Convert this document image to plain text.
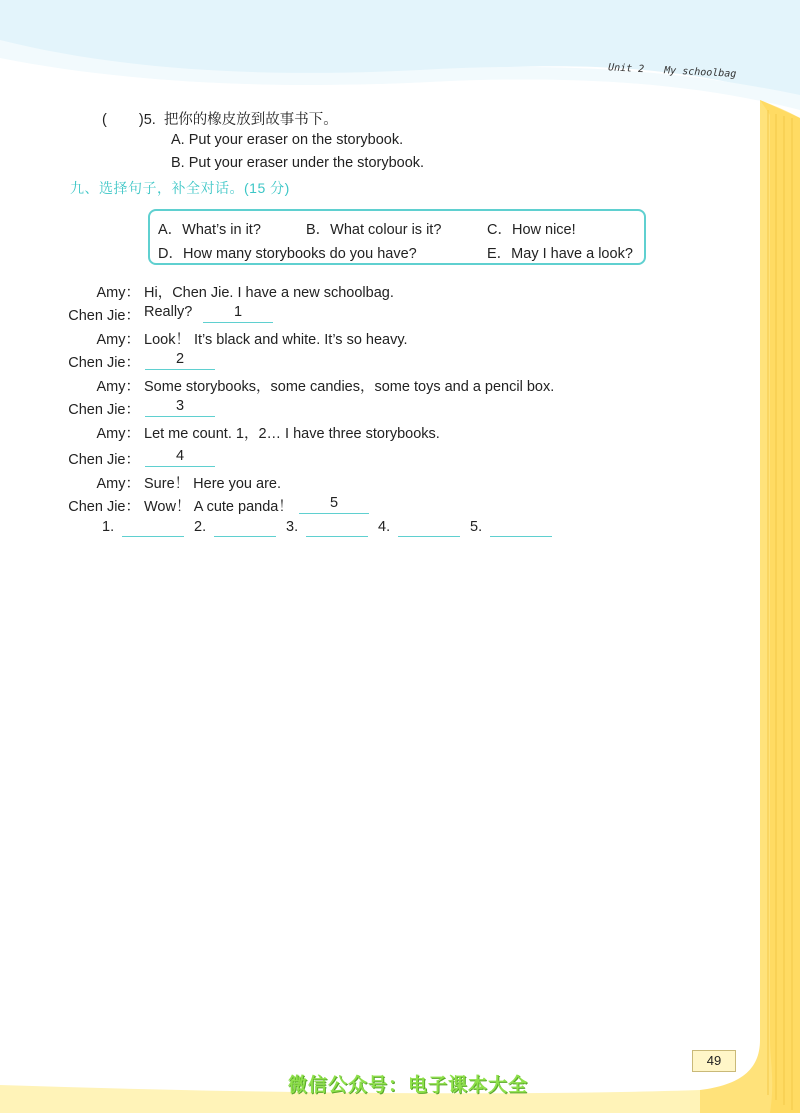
Unit 2 My schoolbag
( )5. 把你的橡皮放到故事书下。
A. Put your eraser on the storybook.
B. Put your eraser under the storybook.
九、选择句子，补全对话。(15 分)
A．What’s in it?	B．What colour is it?	C．How nice!
D．How many storybooks do you have?	E．May I have a look?
Amy： Hi，Chen Jie. I have a new schoolbag.
Chen Jie： Really?	1
Amy： Look！ It’s black and white. It’s so heavy.
Chen Jie：	2
Amy： Some storybooks，some candies，some toys and a pencil box.
Chen Jie：	3
Amy： Let me count. 1，2… I have three storybooks.
Chen Jie：	4
Amy： Sure！ Here you are.
Chen Jie： Wow！ A cute panda！	5
1.	2.	3.	4.	5.
49
微信公众号：电子课本大全
